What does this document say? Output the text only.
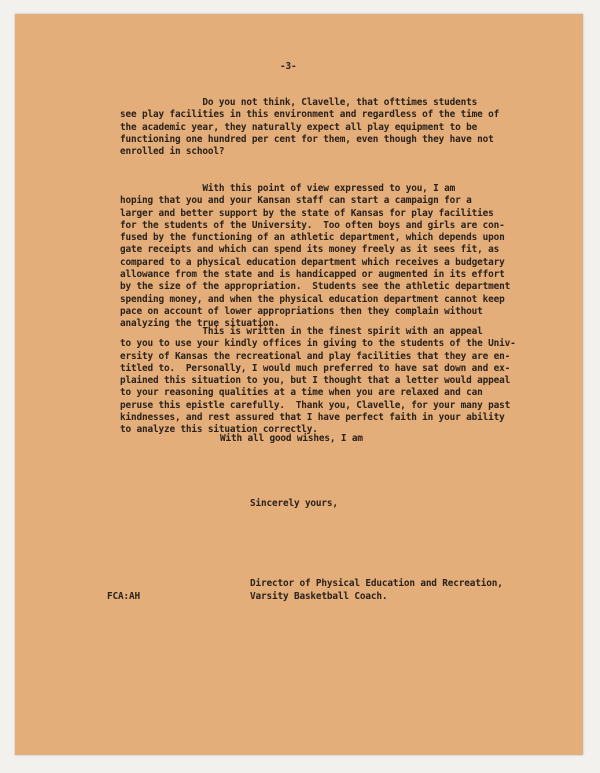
-3-
Do you not think, Clavelle, that ofttimes students
see play facilities in this environment and regardless of the time of
the academic year, they naturally expect all play equipment to be
functioning one hundred per cent for them, even though they have not
enrolled in school?
With this point of view expressed to you, I am
hoping that you and your Kansan staff can start a campaign for a
larger and better support by the state of Kansas for play facilities
for the students of the University.  Too often boys and girls are con-
fused by the functioning of an athletic department, which depends upon
gate receipts and which can spend its money freely as it sees fit, as
compared to a physical education department which receives a budgetary
allowance from the state and is handicapped or augmented in its effort
by the size of the appropriation.  Students see the athletic department
spending money, and when the physical education department cannot keep
pace on account of lower appropriations then they complain without
analyzing the true situation.
This is written in the finest spirit with an appeal
to you to use your kindly offices in giving to the students of the Univ-
ersity of Kansas the recreational and play facilities that they are en-
titled to.  Personally, I would much preferred to have sat down and ex-
plained this situation to you, but I thought that a letter would appeal
to your reasoning qualities at a time when you are relaxed and can
peruse this epistle carefully.  Thank you, Clavelle, for your many past
kindnesses, and rest assured that I have perfect faith in your ability
to analyze this situation correctly.
With all good wishes, I am
Sincerely yours,
Director of Physical Education and Recreation,
Varsity Basketball Coach.
FCA:AH
